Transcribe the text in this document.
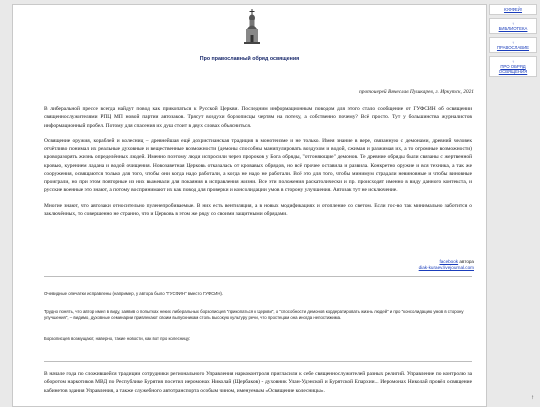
Про православный обряд освящения
протоиерей Вячеслав Пушкарев, г. Иркутск, 2021

В либеральной прессе всегда найдут повод как прикопаться к Русской Церкви. Последним информационным поводом для этого стало сообщение от ГУФСИН об освящении священнослужителями РПЦ МП новой партии автозаков. Трясут воздухи борзописцы чертям на потеху, а собственно почему? Всё просто. Тут у большинства журналистов информационный пробел. Потому для спасения их душ стоит в двух словах объясниться.

Освящение оружия, кораблей и колесниц – древнейшая ещё дохристианская традиция в монотеизме и не только. Имея знание в вере, связанную с демонами, древний человек отчётливо понимал их реальные духовные и вещественные возможности (демоны способны манипулировать воздухом и водой, сжимая и разжимая их, а то огромные возможности) кроворазорять жизнь определённых людей. Именно поэтому люди испросили через пророков у Бога обряды, "отгоняющие" демонов. Те древние обряды были связаны с жертвенной кровью, курением ладана и водой очищения. Новозаветная Церковь отказалась от кровавых обрядов, но всё прочее оставила и развила. Конкретно оружие и вся техника, а так же сооружения, освящаются только для того, чтобы они когда надо работали, а когда не надо не работали. Всё это для того, чтобы минимум страдали невиновные и чтобы виновные проиграли, но при этом повторные из них выжевали для покаяния в исправления жизни. Все эти положения раскатолически и пр. происходят именно в виду данного контекста, и русские военные это знают, а потому воспринимают их как повод для проверки и консолидации умов в сторону улучшения. Автозак тут не исключение.

Многие знают, что автозаки относительно пуленепробиваемые. В них есть вентиляция, а в новых модификациях и отопление со светом. Если гос-во так минимально заботится о заключённых, то совершенно не странно, что и Церковь в этом же ряду со своими защитными обрядами.

facebook автора
diak-kuraev.livejournal.com
Очевидные опечатки исправлены (например, у автора было "ГУСФИН" вместо ГУФСИН).
Трудно понять, что автор имел в виду, заявив о попытках неких либеральных борзописцев "прикопаться к Церкви", о "способности демонов кордератировать жизнь людей" и про "консолидацию умов в сторону улучшения", – видимо, духовные семинарии привлекают своим выпускникам столь высокую культуру речи, что простецам она иногда непостижима.
Борзописцев возмущают, наверно, такие новости, как вот про колесницу:
В начале года по сложившейся традиции сотрудники регионального Управления наркоконтроля пригласили к себе священнослужителей разных религий. Управление по контролю за оборотом наркотиков МВД по Республике Бурятия посетил иеромонах Николай (Щербаков) - духовник Улан-Удэнской и Бурятской Епархии... Иеромонах Николай провёл освящение кабинетов здания Управления, а также служебного автотранспорта особым чином, именуемым «Освящение колесницы».
ЮФФЕЙ!
↑
БИБЛИОТЕКА
↑
ПРАВОСЛАВИЕ
↑
ПРО ОБРЯД ОСВЯЩЕНИЯ
↑
